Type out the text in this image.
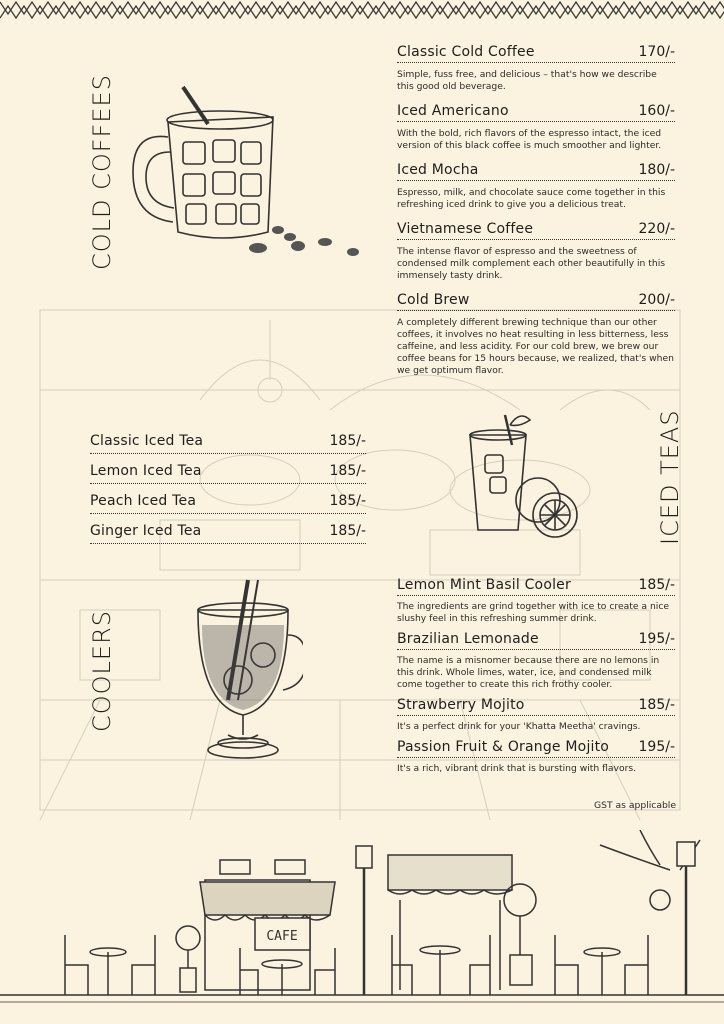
COLD COFFEES
ICED TEAS
COOLERS
Classic Cold Coffee	170/-
Simple, fuss free, and delicious – that's how we describe this good old beverage.
Iced Americano	160/-
With the bold, rich flavors of the espresso intact, the iced version of this black coffee is much smoother and lighter.
Iced Mocha	180/-
Espresso, milk, and chocolate sauce come together in this refreshing iced drink to give you a delicious treat.
Vietnamese Coffee	220/-
The intense flavor of espresso and the sweetness of condensed milk complement each other beautifully in this immensely tasty drink.
Cold Brew	200/-
A completely different brewing technique than our other coffees, it involves no heat resulting in less bitterness, less caffeine, and less acidity. For our cold brew, we brew our coffee beans for 15 hours because, we realized, that's when we get optimum flavor.
Classic Iced Tea	185/-
Lemon Iced Tea	185/-
Peach Iced Tea	185/-
Ginger Iced Tea	185/-
Lemon Mint Basil Cooler	185/-
The ingredients are grind together with ice to create a nice slushy feel in this refreshing summer drink.
Brazilian Lemonade	195/-
The name is a misnomer because there are no lemons in this drink. Whole limes, water, ice, and condensed milk come together to create this rich frothy cooler.
Strawberry Mojito	185/-
It's a perfect drink for your 'Khatta Meetha' cravings.
Passion Fruit & Orange Mojito 195/-
It's a rich, vibrant drink that is bursting with flavors.
GST as applicable
CAFE
